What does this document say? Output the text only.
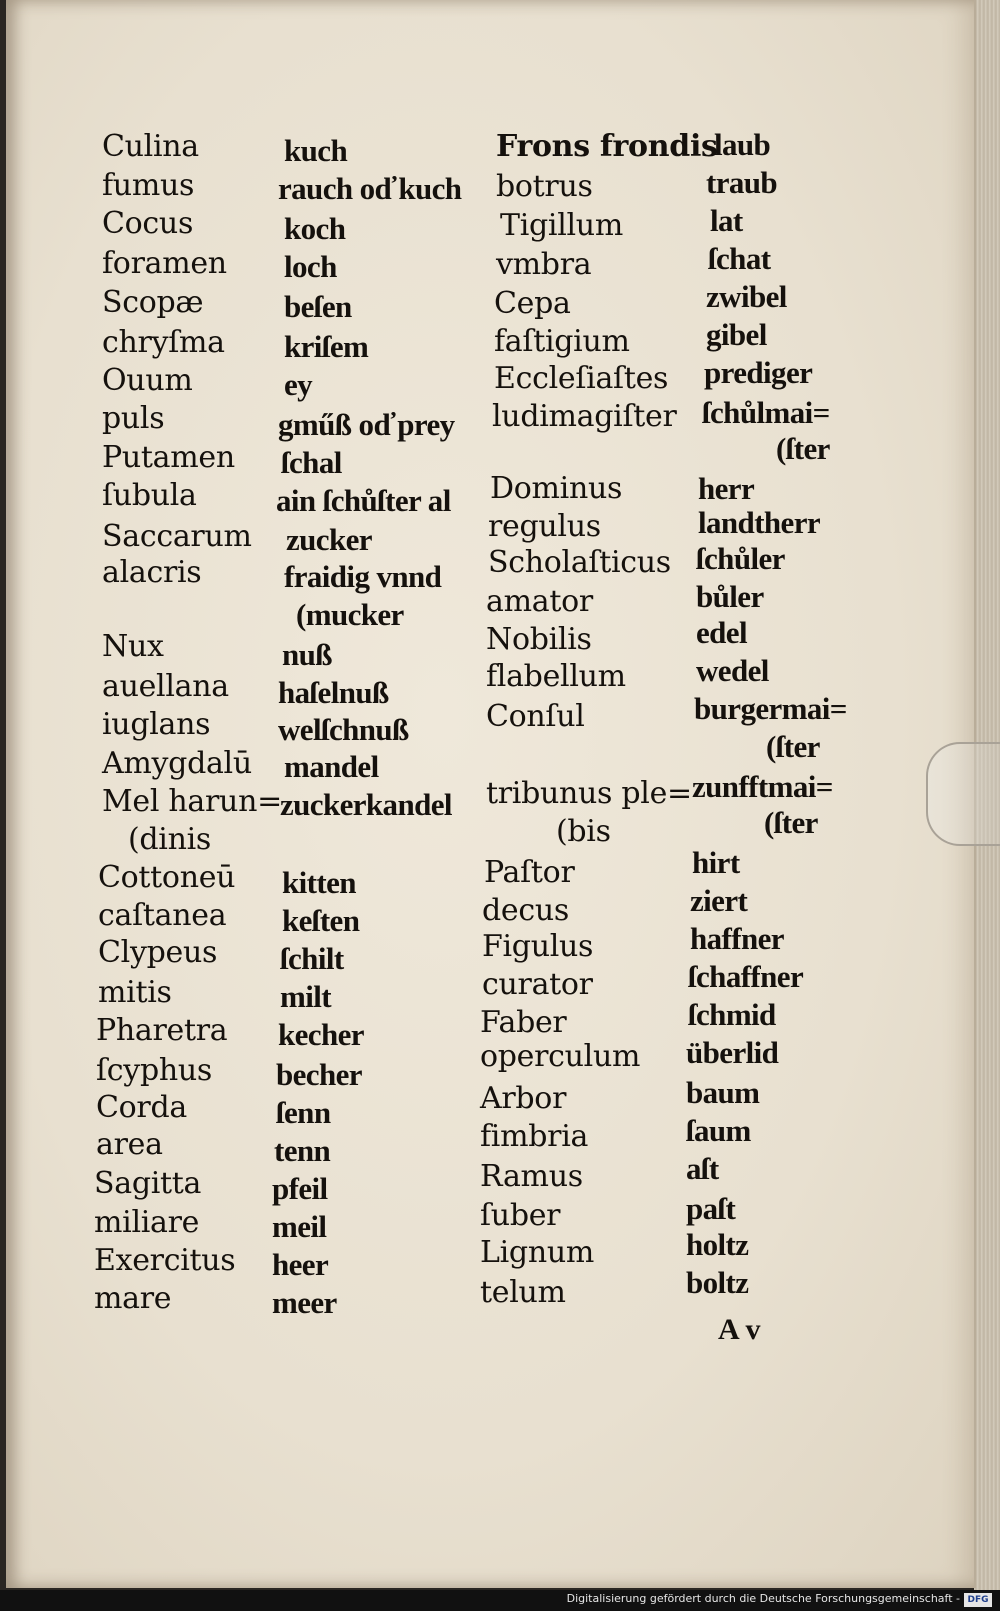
Culina
fumus
Cocus
foramen
Scopæ
chryſma
Ouum
puls
Putamen
ſubula
Saccarum
alacris
Nux
auellana
iuglans
Amygdalū
Mel harun=
(dinis
Cottoneū
caſtanea
Clypeus
mitis
Pharetra
ſcyphus
Corda
area
Sagitta
miliare
Exercitus
mare
kuch
rauch od̕ kuch
koch
loch
beſen
kriſem
ey
gműß od̕ prey
ſchal
ain ſchůſter al
zucker
fraidig vnnd
(mucker
nuß
haſelnuß
welſchnuß
mandel
zuckerkandel
kitten
keſten
ſchilt
milt
kecher
becher
ſenn
tenn
pfeil
meil
heer
meer
Frons frondis
botrus
Tigillum
vmbra
Cepa
faſtigium
Eccleſiaſtes
ludimagiſter
Dominus
regulus
Scholaſticus
amator
Nobilis
flabellum
Conſul
tribunus ple=
(bis
Paſtor
decus
Figulus
curator
Faber
operculum
Arbor
fimbria
Ramus
ſuber
Lignum
telum
laub
traub
lat
ſchat
zwibel
gibel
prediger
ſchůlmai=
(ſter
herr
landtherr
ſchůler
bůler
edel
wedel
burgermai=
(ſter
zunfftmai=
(ſter
hirt
ziert
haffner
ſchaffner
ſchmid
überlid
baum
ſaum
aſt
paſt
holtz
boltz
A v
Digitalisierung gefördert durch die Deutsche Forschungsgemeinschaft - DFG
